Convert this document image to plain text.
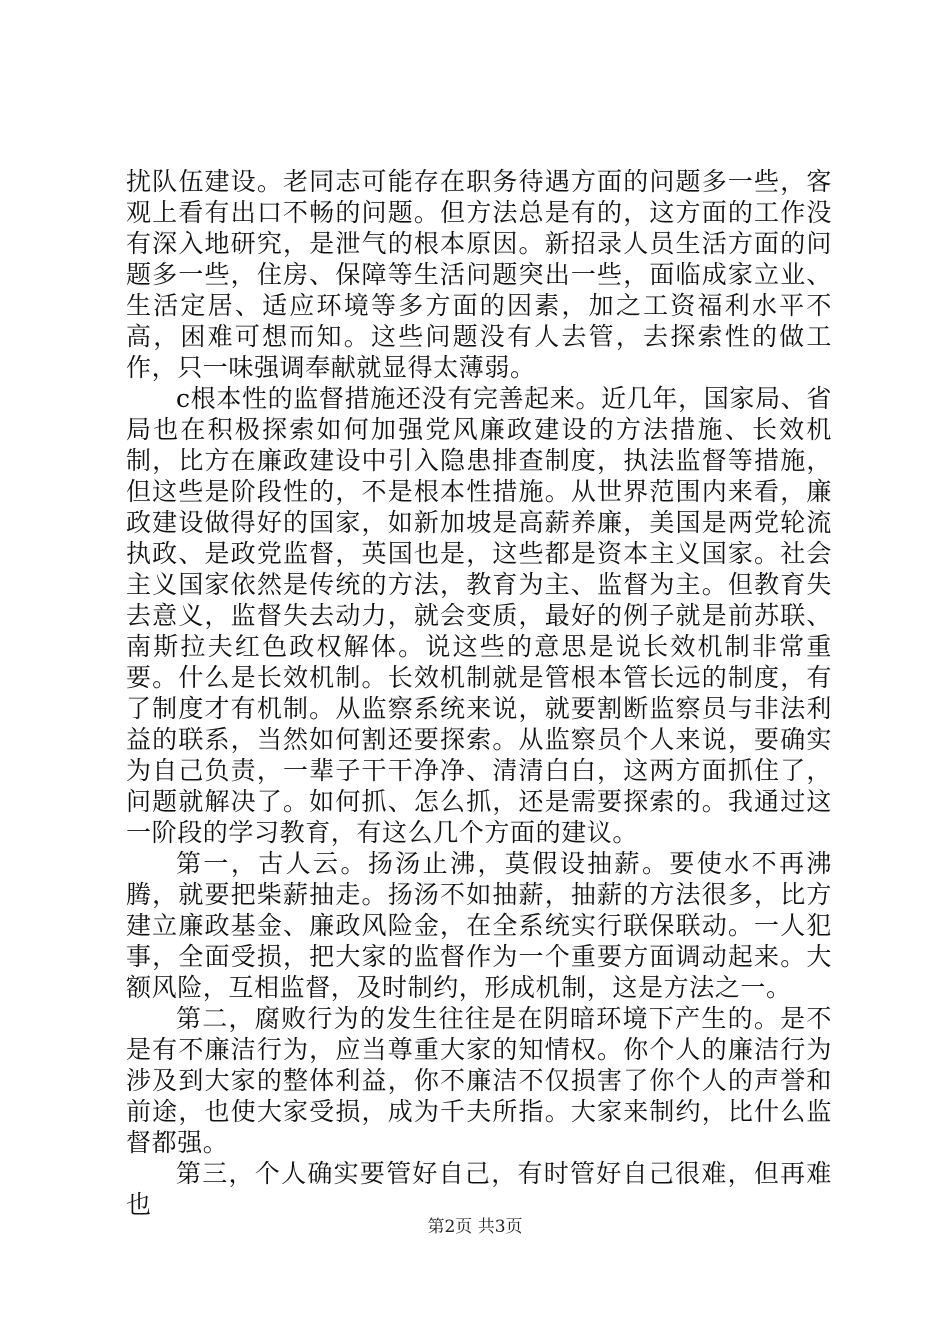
扰队伍建设。老同志可能存在职务待遇方面的问题多一些，客观上看有出口不畅的问题。但方法总是有的，这方面的工作没有深入地研究，是泄气的根本原因。新招录人员生活方面的问题多一些，住房、保障等生活问题突出一些，面临成家立业、生活定居、适应环境等多方面的因素，加之工资福利水平不高，困难可想而知。这些问题没有人去管，去探索性的做工作，只一味强调奉献就显得太薄弱。

c根本性的监督措施还没有完善起来。近几年，国家局、省局也在积极探索如何加强党风廉政建设的方法措施、长效机制，比方在廉政建设中引入隐患排查制度，执法监督等措施，但这些是阶段性的，不是根本性措施。从世界范围内来看，廉政建设做得好的国家，如新加坡是高薪养廉，美国是两党轮流执政、是政党监督，英国也是，这些都是资本主义国家。社会主义国家依然是传统的方法，教育为主、监督为主。但教育失去意义，监督失去动力，就会变质，最好的例子就是前苏联、南斯拉夫红色政权解体。说这些的意思是说长效机制非常重要。什么是长效机制。长效机制就是管根本管长远的制度，有了制度才有机制。从监察系统来说，就要割断监察员与非法利益的联系，当然如何割还要探索。从监察员个人来说，要确实为自己负责，一辈子干干净净、清清白白，这两方面抓住了，问题就解决了。如何抓、怎么抓，还是需要探索的。我通过这一阶段的学习教育，有这么几个方面的建议。

第一，古人云。扬汤止沸，莫假设抽薪。要使水不再沸腾，就要把柴薪抽走。扬汤不如抽薪，抽薪的方法很多，比方建立廉政基金、廉政风险金，在全系统实行联保联动。一人犯事，全面受损，把大家的监督作为一个重要方面调动起来。大额风险，互相监督，及时制约，形成机制，这是方法之一。

第二，腐败行为的发生往往是在阴暗环境下产生的。是不是有不廉洁行为，应当尊重大家的知情权。你个人的廉洁行为涉及到大家的整体利益，你不廉洁不仅损害了你个人的声誉和前途，也使大家受损，成为千夫所指。大家来制约，比什么监督都强。

第三，个人确实要管好自己，有时管好自己很难，但再难也

第2页 共3页
